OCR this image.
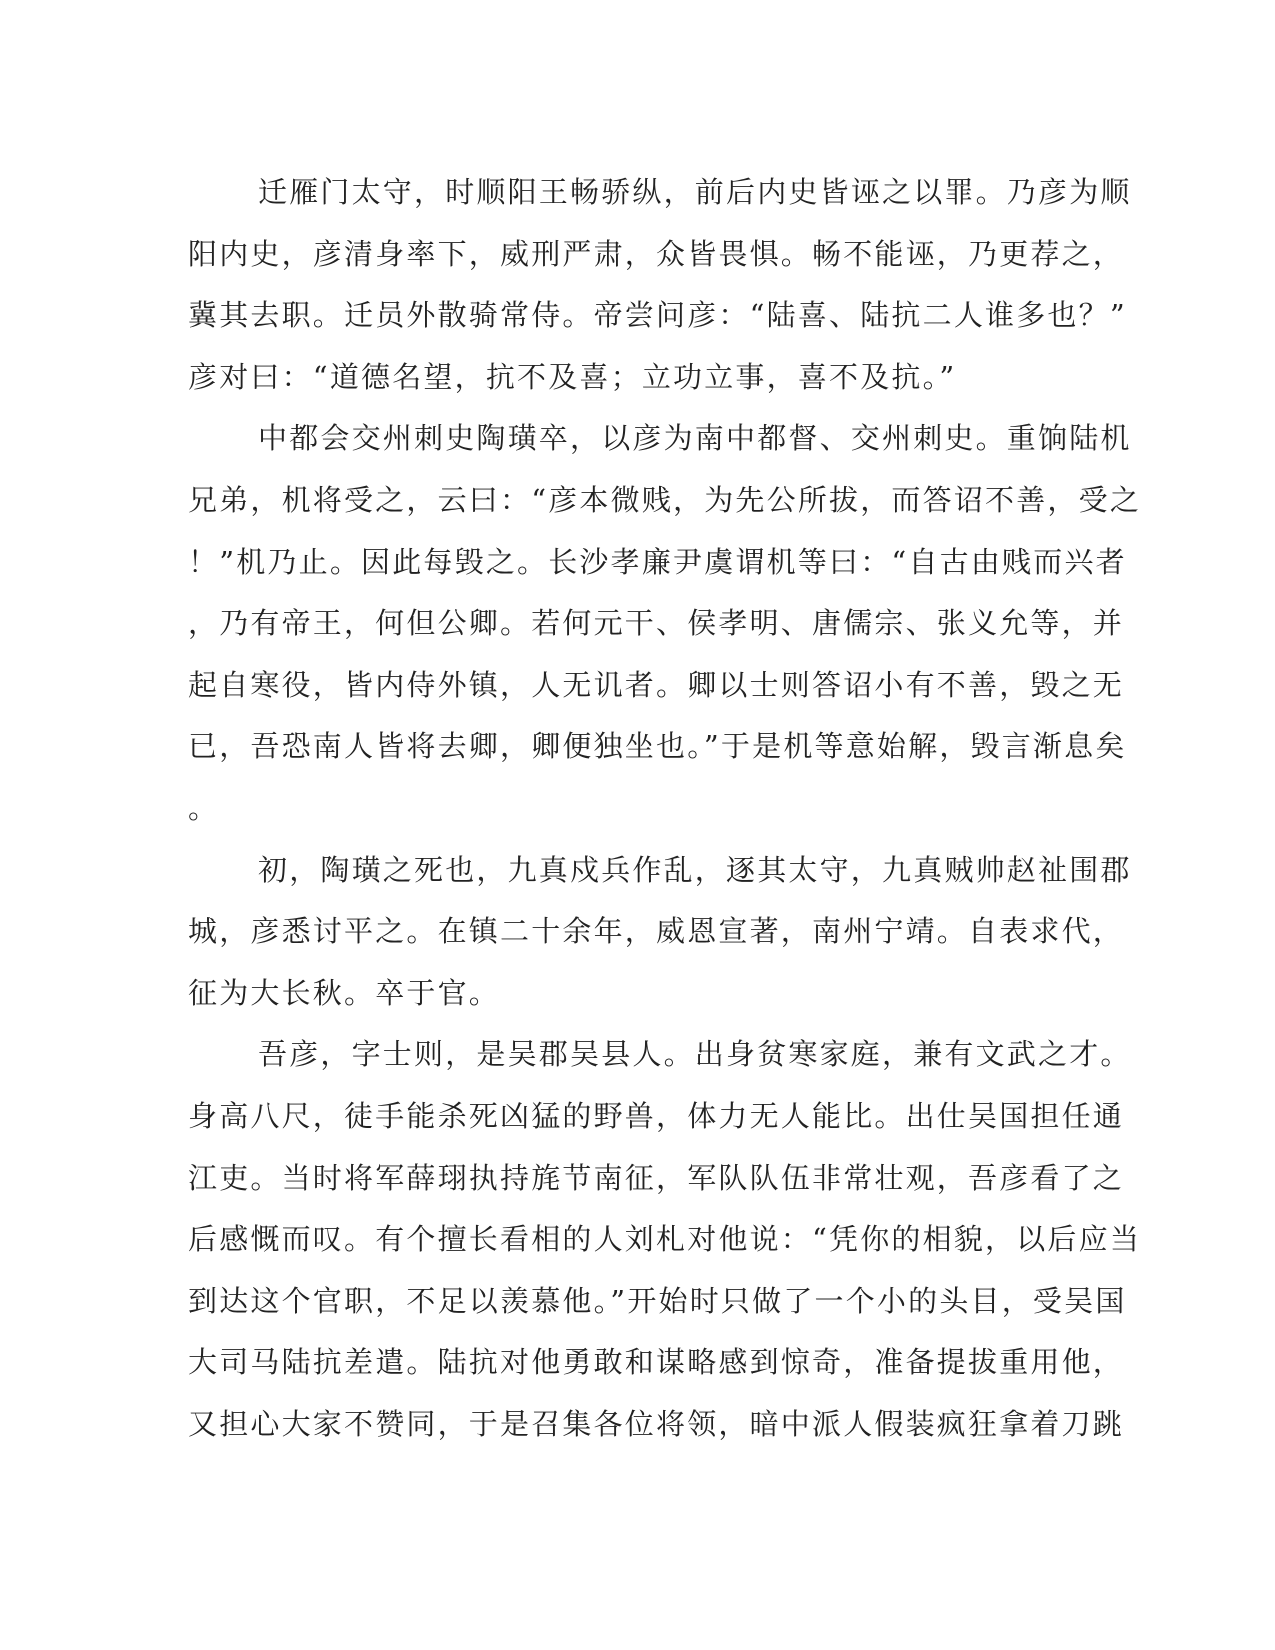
迁雁门太守，时顺阳王畅骄纵，前后内史皆诬之以罪。乃彦为顺
阳内史，彦清身率下，威刑严肃，众皆畏惧。畅不能诬，乃更荐之，
冀其去职。迁员外散骑常侍。帝尝问彦：“陆喜、陆抗二人谁多也？”
彦对曰：“道德名望，抗不及喜；立功立事，喜不及抗。”
中都会交州刺史陶璜卒，以彦为南中都督、交州刺史。重饷陆机
兄弟，机将受之，云曰：“彦本微贱，为先公所拔，而答诏不善，受之
！”机乃止。因此每毁之。长沙孝廉尹虞谓机等曰：“自古由贱而兴者
，乃有帝王，何但公卿。若何元干、侯孝明、唐儒宗、张义允等，并
起自寒役，皆内侍外镇，人无讥者。卿以士则答诏小有不善，毁之无
已，吾恐南人皆将去卿，卿便独坐也。”于是机等意始解，毁言渐息矣
。
初，陶璜之死也，九真戍兵作乱，逐其太守，九真贼帅赵祉围郡
城，彦悉讨平之。在镇二十余年，威恩宣著，南州宁靖。自表求代，
征为大长秋。卒于官。
吾彦，字士则，是吴郡吴县人。出身贫寒家庭，兼有文武之才。
身高八尺，徒手能杀死凶猛的野兽，体力无人能比。出仕吴国担任通
江吏。当时将军薛珝执持旄节南征，军队队伍非常壮观，吾彦看了之
后感慨而叹。有个擅长看相的人刘札对他说：“凭你的相貌，以后应当
到达这个官职，不足以羡慕他。”开始时只做了一个小的头目，受吴国
大司马陆抗差遣。陆抗对他勇敢和谋略感到惊奇，准备提拔重用他，
又担心大家不赞同，于是召集各位将领，暗中派人假装疯狂拿着刀跳
